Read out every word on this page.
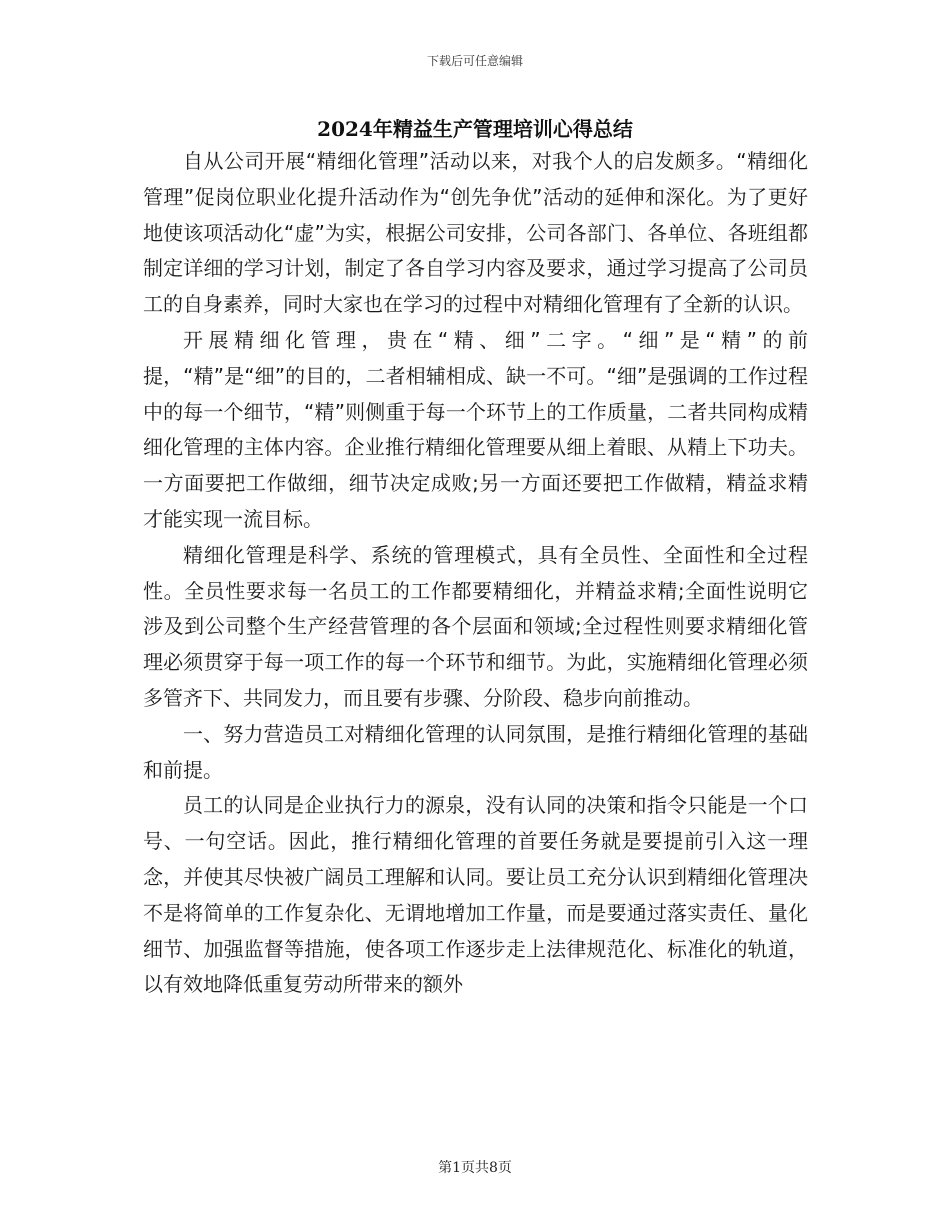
下载后可任意编辑
2024年精益生产管理培训心得总结

自从公司开展“精细化管理”活动以来，对我个人的启发颇多。“精细化管理”促岗位职业化提升活动作为“创先争优”活动的延伸和深化。为了更好地使该项活动化“虚”为实，根据公司安排，公司各部门、各单位、各班组都制定详细的学习计划，制定了各自学习内容及要求，通过学习提高了公司员工的自身素养，同时大家也在学习的过程中对精细化管理有了全新的认识。

开展精细化管理，贵在“精、细”二字。“细”是“精”的前提，“精”是“细”的目的，二者相辅相成、缺一不可。“细”是强调的工作过程中的每一个细节，“精”则侧重于每一个环节上的工作质量，二者共同构成精细化管理的主体内容。企业推行精细化管理要从细上着眼、从精上下功夫。一方面要把工作做细，细节决定成败;另一方面还要把工作做精，精益求精才能实现一流目标。

精细化管理是科学、系统的管理模式，具有全员性、全面性和全过程性。全员性要求每一名员工的工作都要精细化，并精益求精;全面性说明它涉及到公司整个生产经营管理的各个层面和领域;全过程性则要求精细化管理必须贯穿于每一项工作的每一个环节和细节。为此，实施精细化管理必须多管齐下、共同发力，而且要有步骤、分阶段、稳步向前推动。

一、努力营造员工对精细化管理的认同氛围，是推行精细化管理的基础和前提。

员工的认同是企业执行力的源泉，没有认同的决策和指令只能是一个口号、一句空话。因此，推行精细化管理的首要任务就是要提前引入这一理念，并使其尽快被广阔员工理解和认同。要让员工充分认识到精细化管理决不是将简单的工作复杂化、无谓地增加工作量，而是要通过落实责任、量化细节、加强监督等措施，使各项工作逐步走上法律规范化、标准化的轨道，以有效地降低重复劳动所带来的额外

第1页共8页
